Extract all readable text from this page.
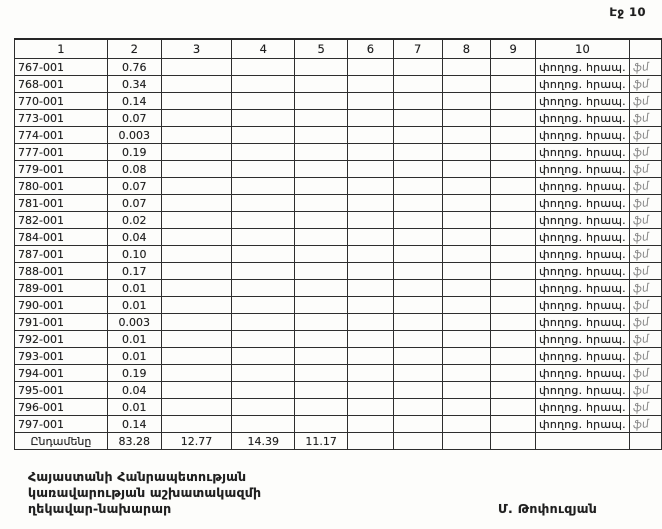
Էջ 10
1	2	3	4	5	6	7	8	9	10	
767-001	0.76								փողոց. հրապ.	ֆմ
768-001	0.34								փողոց. հրապ.	ֆմ
770-001	0.14								փողոց. հրապ.	ֆմ
773-001	0.07								փողոց. հրապ.	ֆմ
774-001	0.003								փողոց. հրապ.	ֆմ
777-001	0.19								փողոց. հրապ.	ֆմ
779-001	0.08								փողոց. հրապ.	ֆմ
780-001	0.07								փողոց. հրապ.	ֆմ
781-001	0.07								փողոց. հրապ.	ֆմ
782-001	0.02								փողոց. հրապ.	ֆմ
784-001	0.04								փողոց. հրապ.	ֆմ
787-001	0.10								փողոց. հրապ.	ֆմ
788-001	0.17								փողոց. հրապ.	ֆմ
789-001	0.01								փողոց. հրապ.	ֆմ
790-001	0.01								փողոց. հրապ.	ֆմ
791-001	0.003								փողոց. հրապ.	ֆմ
792-001	0.01								փողոց. հրապ.	ֆմ
793-001	0.01								փողոց. հրապ.	ֆմ
794-001	0.19								փողոց. հրապ.	ֆմ
795-001	0.04								փողոց. հրապ.	ֆմ
796-001	0.01								փողոց. հրապ.	ֆմ
797-001	0.14								փողոց. հրապ.	ֆմ
Ընդամենը	83.28	12.77	14.39	11.17						
Հայաստանի Հանրապետության
կառավարության աշխատակազմի
ղեկավար-նախարար	Մ. Թոփուզյան
